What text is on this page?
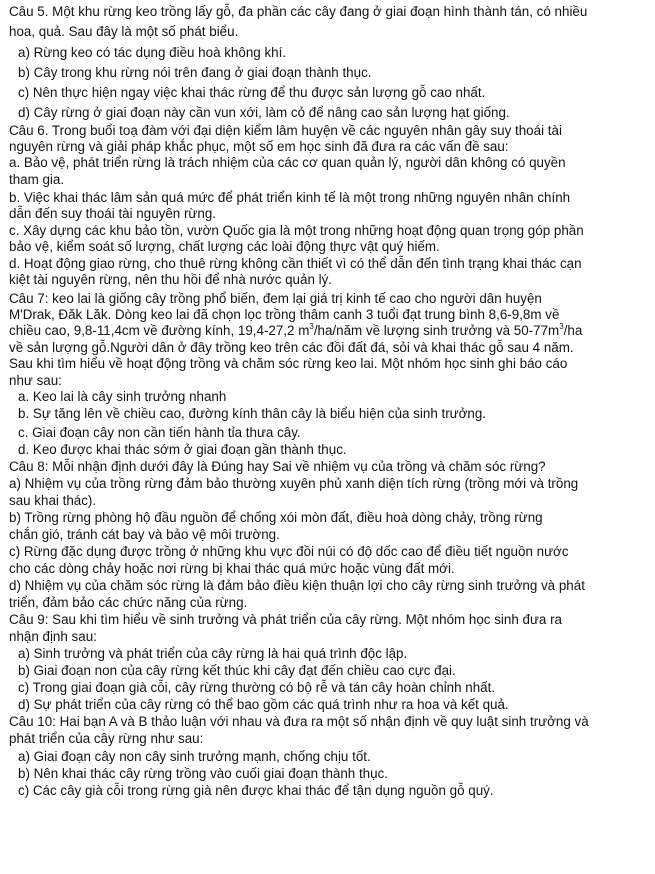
Câu 5. Một khu rừng keo trồng lấy gỗ, đa phần các cây đang ở giai đoạn hình thành tán, có nhiều
hoa, quả. Sau đây là một số phát biểu.
a) Rừng keo có tác dụng điều hoà không khí.
b) Cây trong khu rừng nói trên đang ở giai đoạn thành thục.
c) Nên thực hiện ngay việc khai thác rừng để thu được sản lượng gỗ cao nhất.
d) Cây rừng ở giai đoạn này cần vun xới, làm cỏ để nâng cao sản lượng hạt giống.
Câu 6. Trong buổi toạ đàm với đại diện kiểm lâm huyện về các nguyên nhân gây suy thoái tài
nguyên rừng và giải pháp khắc phục, một số em học sinh đã đưa ra các vấn đề sau:
a. Bảo vệ, phát triển rừng là trách nhiệm của các cơ quan quản lý, người dân không có quyền
tham gia.
b. Việc khai thác lâm sản quá mức để phát triển kinh tế là một trong những nguyên nhân chính
dẫn đến suy thoái tài nguyên rừng.
c. Xây dựng các khu bảo tồn, vườn Quốc gia là một trong những hoạt động quan trọng góp phần
bảo vệ, kiểm soát số lượng, chất lượng các loài động thực vật quý hiếm.
d. Hoạt động giao rừng, cho thuê rừng không cần thiết vì có thể dẫn đến tình trạng khai thác cạn
kiệt tài nguyên rừng, nên thu hồi để nhà nước quản lý.
Câu 7: keo lai là giống cây trồng phổ biến, đem lại giá trị kinh tế cao cho người dân huyện
M'Drak, Đăk Lăk. Dòng keo lai đã chọn lọc trồng thâm canh 3 tuổi đạt trung bình 8,6-9,8m về
chiều cao, 9,8-11,4cm về đường kính, 19,4-27,2 $m^3/ha$/năm về lượng sinh trưởng và $50-77m^3/ha$
về sản lượng gỗ.Người dân ở đây trồng keo trên các đồi đất đá, sỏi và khai thác gỗ sau 4 năm.
Sau khi tìm hiểu về hoạt động trồng và chăm sóc rừng keo lai. Một nhóm học sinh ghi báo cáo
như sau:
a. Keo lai là cây sinh trưởng nhanh
b. Sự tăng lên về chiều cao, đường kính thân cây là biểu hiện của sinh trưởng.
c. Giai đoạn cây non cần tiến hành tỉa thưa cây.
d. Keo được khai thác sớm ở giai đoạn gần thành thục.
Câu 8: Mỗi nhận định dưới đây là Đúng hay Sai về nhiệm vụ của trồng và chăm sóc rừng?
a) Nhiệm vụ của trồng rừng đảm bảo thường xuyên phủ xanh diện tích rừng (trồng mới và trồng
sau khai thác).
b) Trồng rừng phòng hộ đầu nguồn để chống xói mòn đất, điều hoà dòng chảy, trồng rừng
chắn gió, tránh cát bay và bảo vệ môi trường.
c) Rừng đặc dụng được trồng ở những khu vực đồi núi có độ dốc cao để điều tiết nguồn nước
cho các dòng chảy hoặc nơi rừng bị khai thác quá mức hoặc vùng đất mới.
d) Nhiệm vụ của chăm sóc rừng là đảm bảo điều kiện thuận lợi cho cây rừng sinh trưởng và phát
triển, đảm bảo các chức năng của rừng.
Câu 9: Sau khi tìm hiểu về sinh trưởng và phát triển của cây rừng. Một nhóm học sinh đưa ra
nhận định sau:
a) Sinh trưởng và phát triển của cây rừng là hai quá trình độc lập.
b) Giai đoạn non của cây rừng kết thúc khi cây đạt đến chiều cao cực đại.
c) Trong giai đoạn già cỗi, cây rừng thường có bộ rễ và tán cây hoàn chỉnh nhất.
d) Sự phát triển của cây rừng có thể bao gồm các quá trình như ra hoa và kết quả.
Câu 10: Hai bạn A và B thảo luận với nhau và đưa ra một số nhận định về quy luật sinh trưởng và
phát triển của cây rừng như sau:
a) Giai đoạn cây non cây sinh trưởng mạnh, chống chịu tốt.
b) Nên khai thác cây rừng trồng vào cuối giai đoạn thành thục.
c) Các cây già cỗi trong rừng già nên được khai thác để tận dụng nguồn gỗ quý.
